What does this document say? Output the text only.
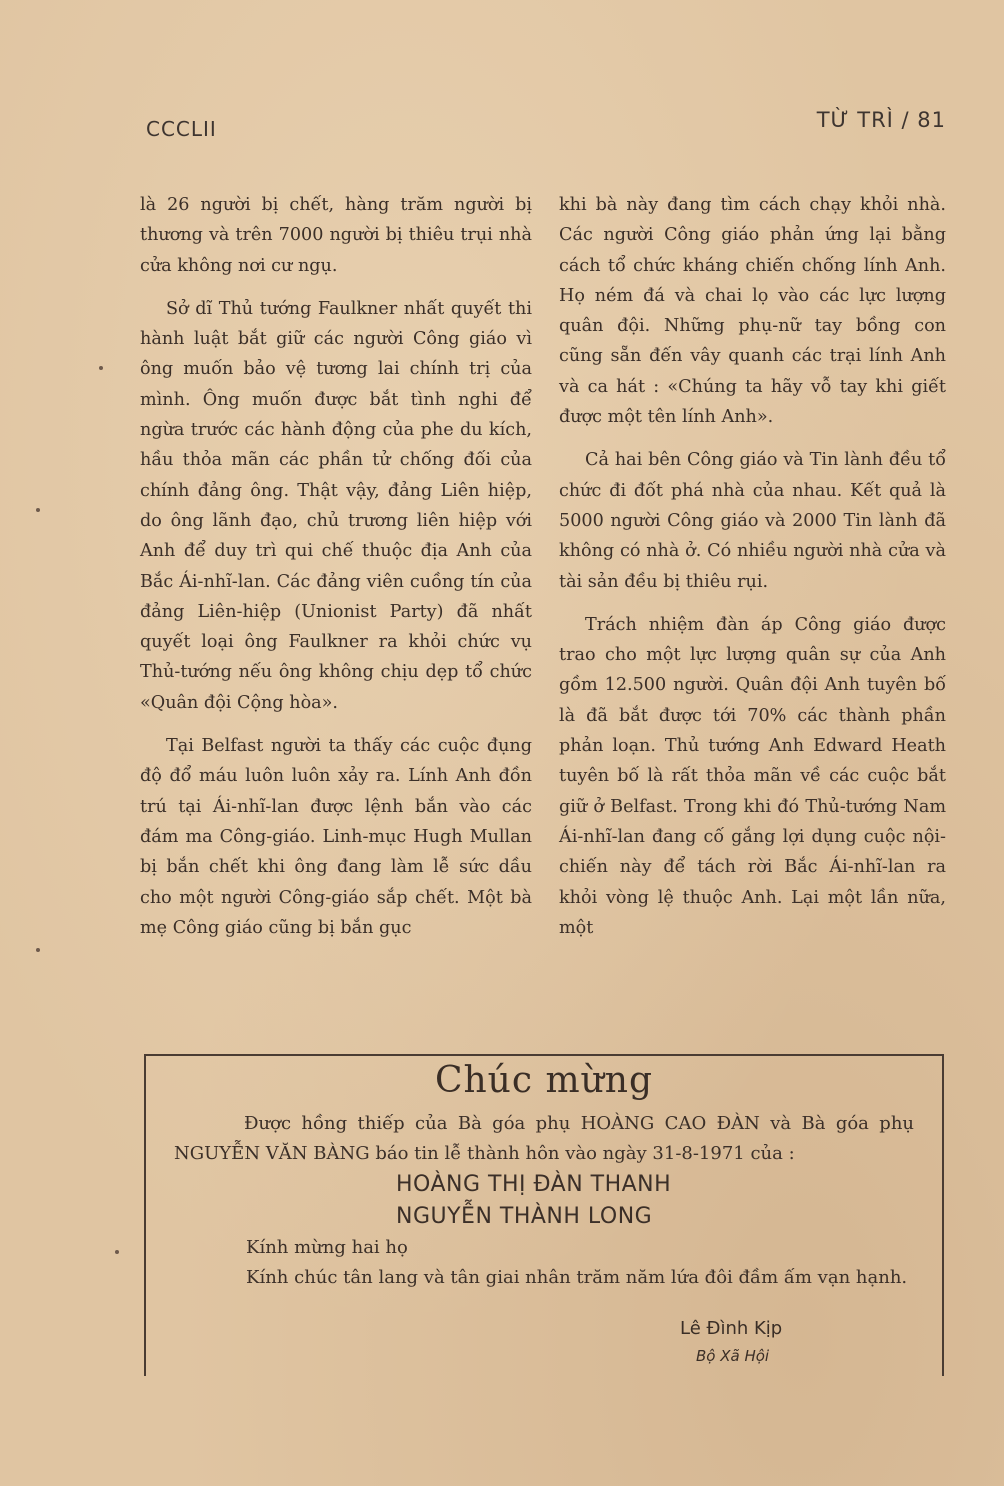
CCCLII	TỪ TRÌ / 81

là 26 người bị chết, hàng trăm người bị thương và trên 7000 người bị thiêu trụi nhà cửa không nơi cư ngụ.

Sở dĩ Thủ tướng Faulkner nhất quyết thi hành luật bắt giữ các người Công giáo vì ông muốn bảo vệ tương lai chính trị của mình. Ông muốn được bắt tình nghi để ngừa trước các hành động của phe du kích, hầu thỏa mãn các phần tử chống đối của chính đảng ông. Thật vậy, đảng Liên hiệp, do ông lãnh đạo, chủ trương liên hiệp với Anh để duy trì qui chế thuộc địa Anh của Bắc Ái-nhĩ-lan. Các đảng viên cuồng tín của đảng Liên-hiệp (Unionist Party) đã nhất quyết loại ông Faulkner ra khỏi chức vụ Thủ-tướng nếu ông không chịu dẹp tổ chức «Quân đội Cộng hòa».

Tại Belfast người ta thấy các cuộc đụng độ đổ máu luôn luôn xảy ra. Lính Anh đồn trú tại Ái-nhĩ-lan được lệnh bắn vào các đám ma Công-giáo. Linh-mục Hugh Mullan bị bắn chết khi ông đang làm lễ sức dầu cho một người Công-giáo sắp chết. Một bà mẹ Công giáo cũng bị bắn gục

khi bà này đang tìm cách chạy khỏi nhà. Các người Công giáo phản ứng lại bằng cách tổ chức kháng chiến chống lính Anh. Họ ném đá và chai lọ vào các lực lượng quân đội. Những phụ-nữ tay bồng con cũng sẵn đến vây quanh các trại lính Anh và ca hát : «Chúng ta hãy vỗ tay khi giết được một tên lính Anh».

Cả hai bên Công giáo và Tin lành đều tổ chức đi đốt phá nhà của nhau. Kết quả là 5000 người Công giáo và 2000 Tin lành đã không có nhà ở. Có nhiều người nhà cửa và tài sản đều bị thiêu rụi.

Trách nhiệm đàn áp Công giáo được trao cho một lực lượng quân sự của Anh gồm 12.500 người. Quân đội Anh tuyên bố là đã bắt được tới 70% các thành phần phản loạn. Thủ tướng Anh Edward Heath tuyên bố là rất thỏa mãn về các cuộc bắt giữ ở Belfast. Trong khi đó Thủ-tướng Nam Ái-nhĩ-lan đang cố gắng lợi dụng cuộc nội-chiến này để tách rời Bắc Ái-nhĩ-lan ra khỏi vòng lệ thuộc Anh. Lại một lần nữa, một

Chúc mừng

Được hồng thiếp của Bà góa phụ HOÀNG CAO ĐÀN và Bà góa phụ NGUYỄN VĂN BÀNG báo tin lễ thành hôn vào ngày 31-8-1971 của :

HOÀNG THỊ ĐÀN THANH

NGUYỄN THÀNH LONG

Kính mừng hai họ

Kính chúc tân lang và tân giai nhân trăm năm lứa đôi đầm ấm vạn hạnh.

Lê Đình Kịp
Bộ Xã Hội
